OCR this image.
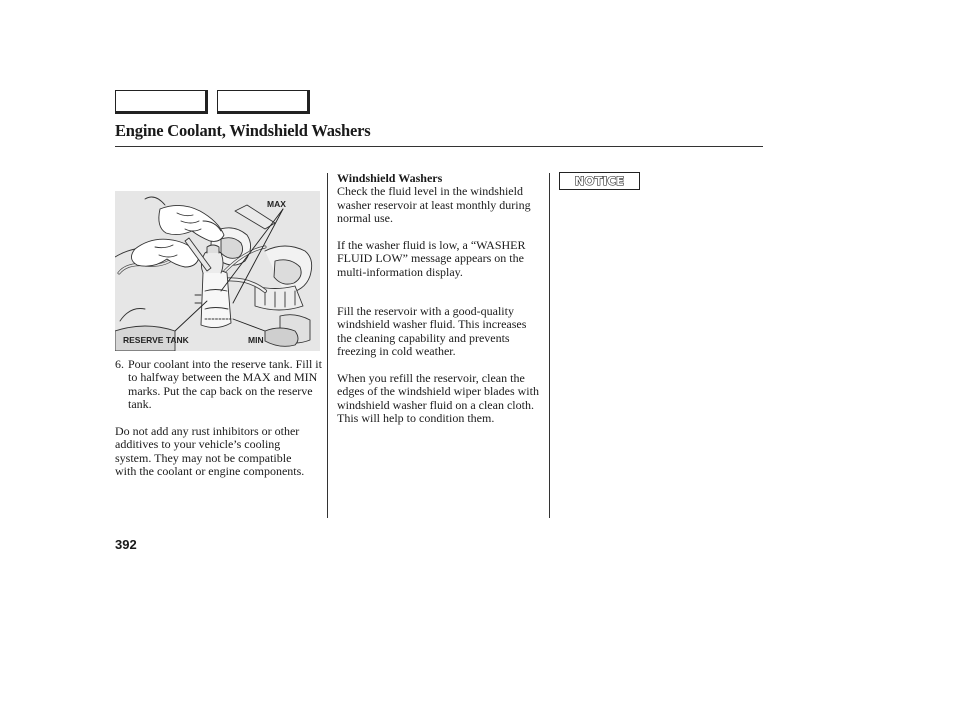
Engine Coolant, Windshield Washers
MAX
RESERVE TANK	MIN
6. Pour coolant into the reserve tank. Fill it to halfway between the MAX and MIN marks. Put the cap back on the reserve tank.

Do not add any rust inhibitors or other additives to your vehicle’s cooling system. They may not be compatible with the coolant or engine components.

Windshield Washers
Check the fluid level in the windshield washer reservoir at least monthly during normal use.

If the washer fluid is low, a “WASHER FLUID LOW” message appears on the multi-information display.

Fill the reservoir with a good-quality windshield washer fluid. This increases the cleaning capability and prevents freezing in cold weather.

When you refill the reservoir, clean the edges of the windshield wiper blades with windshield washer fluid on a clean cloth. This will help to condition them.

NOTICE

392
